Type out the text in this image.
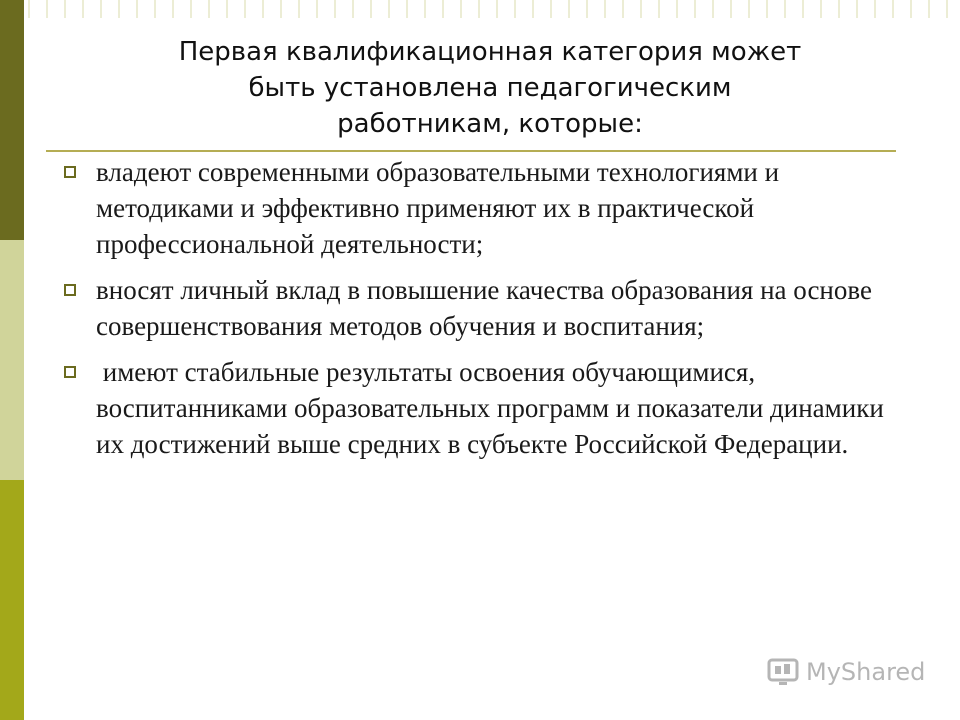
Первая квалификационная категория может
быть установлена педагогическим
работникам, которые:
владеют современными образовательными технологиями и методиками и эффективно применяют их в практической профессиональной деятельности;
вносят личный вклад в повышение качества образования на основе совершенствования методов обучения и воспитания;
имеют стабильные результаты освоения обучающимися, воспитанниками образовательных программ и показатели динамики их достижений выше средних в субъекте Российской Федерации.
MyShared
